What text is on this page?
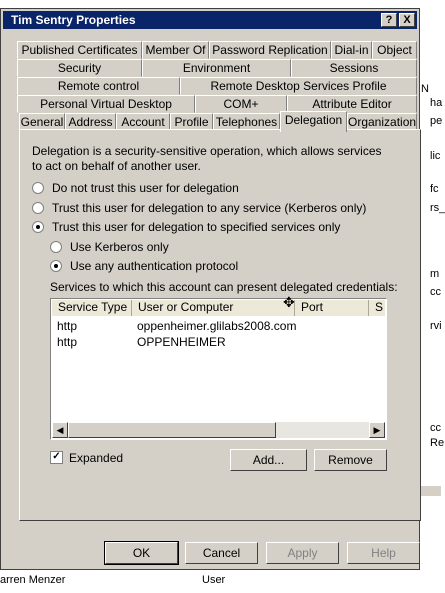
N
ha
pe
lic
fc
rs_
m
cc
rvi
cc
Re
arren Menzer	User
Tim Sentry Properties	? X
Published Certificates Member Of Password Replication Dial-in Object
Security	Environment	Sessions
Remote control	Remote Desktop Services Profile
Personal Virtual Desktop	COM+	Attribute Editor
General Address Account Profile Telephones Delegation Organization
Delegation is a security-sensitive operation, which allows services to act on behalf of another user.
Do not trust this user for delegation
Trust this user for delegation to any service (Kerberos only)
Trust this user for delegation to specified services only
Use Kerberos only
Use any authentication protocol
Services to which this account can present delegated credentials:
Service Type User or Computer	Port	S
http	oppenheimer.glilabs2008.com
http	OPPENHEIMER
◀	▶
✓ Expanded	Add...	Remove
OK	Cancel	Apply	Help
✥
